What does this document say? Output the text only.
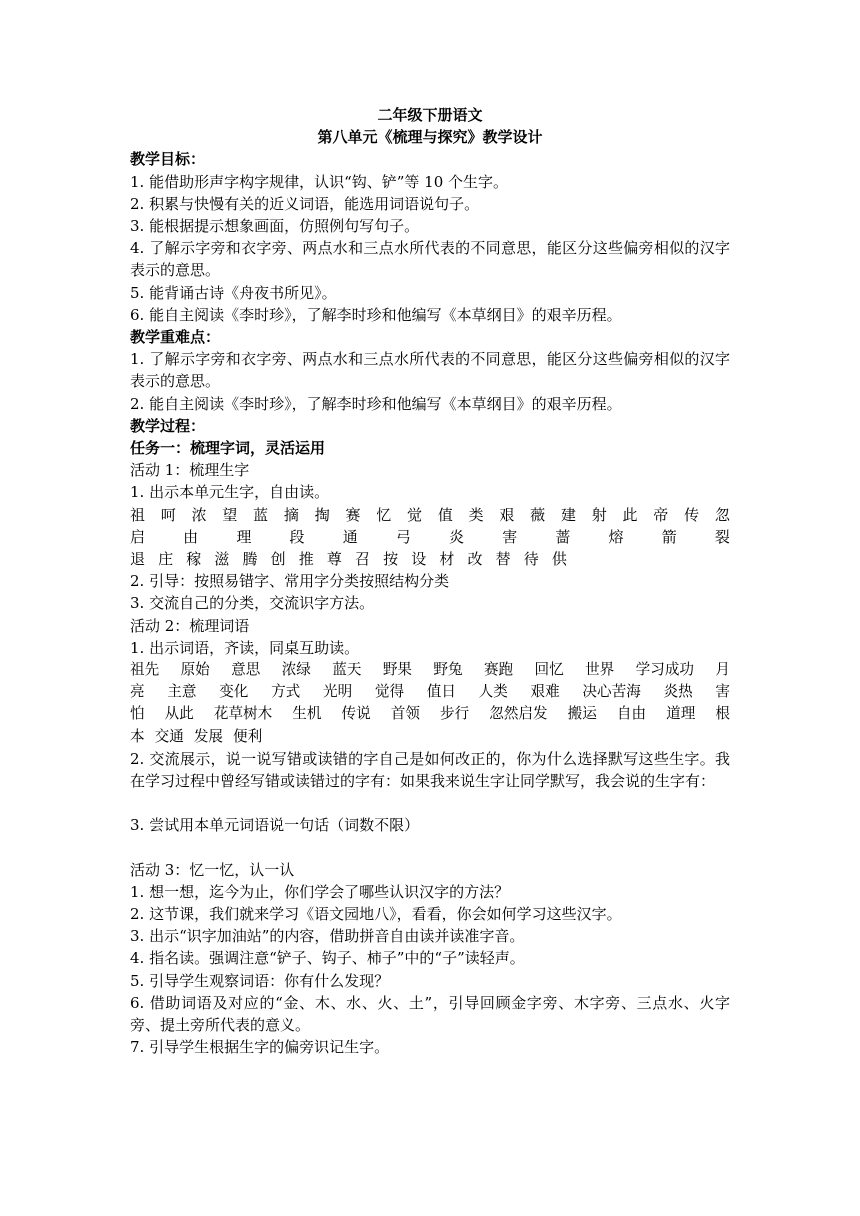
二年级下册语文
第八单元《梳理与探究》教学设计
教学目标：
1. 能借助形声字构字规律，认识“钩、铲”等 10 个生字。
2. 积累与快慢有关的近义词语，能选用词语说句子。
3. 能根据提示想象画面，仿照例句写句子。
4. 了解示字旁和衣字旁、两点水和三点水所代表的不同意思，能区分这些偏旁相似的汉字表示的意思。
5. 能背诵古诗《舟夜书所见》。
6. 能自主阅读《李时珍》，了解李时珍和他编写《本草纲目》的艰辛历程。
教学重难点：
1. 了解示字旁和衣字旁、两点水和三点水所代表的不同意思，能区分这些偏旁相似的汉字表示的意思。
2. 能自主阅读《李时珍》，了解李时珍和他编写《本草纲目》的艰辛历程。
教学过程：
任务一：梳理字词，灵活运用
活动 1：梳理生字
1. 出示本单元生字，自由读。
祖 呵 浓 望 蓝 摘 掏 赛 忆 觉 值 类 艰 薇 建 射 此 帝 传 忽
启	由	理	段	通	弓	炎	害	蔷	熔	箭	裂
退 庄 稼 滋 腾 创 推 尊 召 按 设 材 改 替 待 供
2. 引导：按照易错字、常用字分类按照结构分类
3. 交流自己的分类，交流识字方法。
活动 2：梳理词语
1. 出示词语，齐读，同桌互助读。
祖先 原始 意思 浓绿 蓝天 野果 野兔 赛跑 回忆 世界 学习成功 月
亮 主意 变化 方式 光明 觉得 值日 人类 艰难 决心苦海 炎热 害
怕 从此 花草树木 生机 传说 首领 步行 忽然启发 搬运 自由 道理 根
本 交通 发展 便利
2. 交流展示，说一说写错或读错的字自己是如何改正的，你为什么选择默写这些生字。我在学习过程中曾经写错或读错过的字有：如果我来说生字让同学默写，我会说的生字有：
3. 尝试用本单元词语说一句话（词数不限）
活动 3：忆一忆，认一认
1. 想一想，迄今为止，你们学会了哪些认识汉字的方法？
2. 这节课，我们就来学习《语文园地八》，看看，你会如何学习这些汉字。
3. 出示“识字加油站”的内容，借助拼音自由读并读准字音。
4. 指名读。强调注意“铲子、钩子、柿子”中的“子”读轻声。
5. 引导学生观察词语：你有什么发现？
6. 借助词语及对应的“金、木、水、火、土”，引导回顾金字旁、木字旁、三点水、火字旁、提土旁所代表的意义。
7. 引导学生根据生字的偏旁识记生字。
